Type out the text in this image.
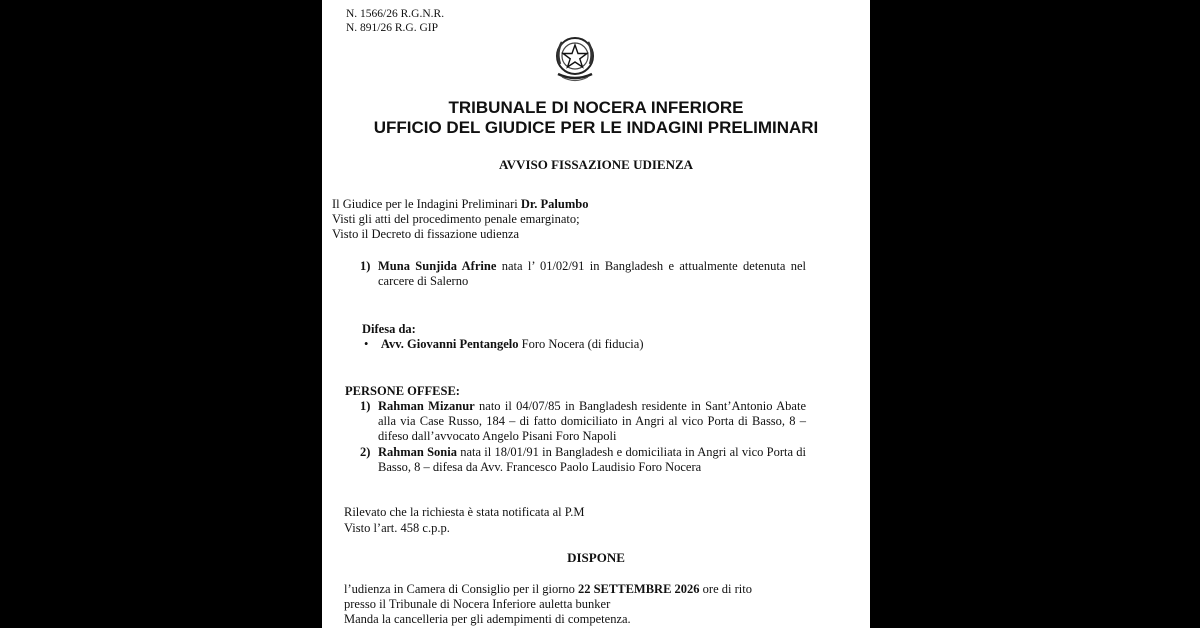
N. 1566/26 R.G.N.R.
N. 891/26 R.G. GIP
TRIBUNALE DI NOCERA INFERIORE
UFFICIO DEL GIUDICE PER LE INDAGINI PRELIMINARI
AVVISO FISSAZIONE UDIENZA
Il Giudice per le Indagini Preliminari Dr. Palumbo
Visti gli atti del procedimento penale emarginato;
Visto il Decreto di fissazione udienza
1) Muna Sunjida Afrine nata l’ 01/02/91 in Bangladesh e attualmente detenuta nel carcere di Salerno
Difesa da:
•    Avv. Giovanni Pentangelo Foro Nocera (di fiducia)
PERSONE OFFESE:
1) Rahman Mizanur nato il 04/07/85 in Bangladesh residente in Sant’Antonio Abate alla via Case Russo, 184 – di fatto domiciliato in Angri al vico Porta di Basso, 8 – difeso dall’avvocato Angelo Pisani Foro Napoli
2) Rahman Sonia nata il 18/01/91 in Bangladesh e domiciliata in Angri al vico Porta di Basso, 8 – difesa da Avv. Francesco Paolo Laudisio Foro Nocera
Rilevato che la richiesta è stata notificata al P.M
Visto l’art. 458 c.p.p.
DISPONE
l’udienza in Camera di Consiglio per il giorno 22 SETTEMBRE 2026 ore di rito
presso il Tribunale di Nocera Inferiore auletta bunker
Manda la cancelleria per gli adempimenti di competenza.
